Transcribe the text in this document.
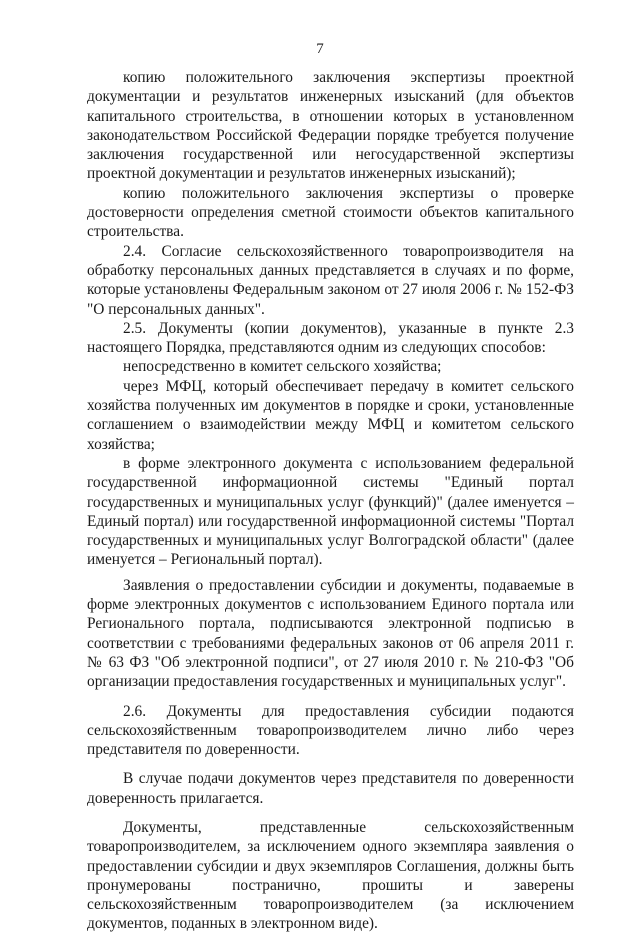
7

копию положительного заключения экспертизы проектной документации и результатов инженерных изысканий (для объектов капитального строительства, в отношении которых в установленном законодательством Российской Федерации порядке требуется получение заключения государственной или негосударственной экспертизы проектной документации и результатов инженерных изысканий);

копию положительного заключения экспертизы о проверке достоверности определения сметной стоимости объектов капитального строительства.

2.4. Согласие сельскохозяйственного товаропроизводителя на обработку персональных данных представляется в случаях и по форме, которые установлены Федеральным законом от 27 июля 2006 г. № 152-ФЗ "О персональных данных".

2.5. Документы (копии документов), указанные в пункте 2.3 настоящего Порядка, представляются одним из следующих способов:

непосредственно в комитет сельского хозяйства;

через МФЦ, который обеспечивает передачу в комитет сельского хозяйства полученных им документов в порядке и сроки, установленные соглашением о взаимодействии между МФЦ и комитетом сельского хозяйства;

в форме электронного документа с использованием федеральной государственной информационной системы "Единый портал государственных и муниципальных услуг (функций)" (далее именуется – Единый портал) или государственной информационной системы "Портал государственных и муниципальных услуг Волгоградской области" (далее именуется – Региональный портал).

Заявления о предоставлении субсидии и документы, подаваемые в форме электронных документов с использованием Единого портала или Регионального портала, подписываются электронной подписью в соответствии с требованиями федеральных законов от 06 апреля 2011 г. № 63 ФЗ "Об электронной подписи", от 27 июля 2010 г. № 210-ФЗ "Об организации предоставления государственных и муниципальных услуг".

2.6. Документы для предоставления субсидии подаются сельскохозяйственным товаропроизводителем лично либо через представителя по доверенности.

В случае подачи документов через представителя по доверенности доверенность прилагается.

Документы, представленные сельскохозяйственным товаропроизводителем, за исключением одного экземпляра заявления о предоставлении субсидии и двух экземпляров Соглашения, должны быть пронумерованы постранично, прошиты и заверены сельскохозяйственным товаропроизводителем (за исключением документов, поданных в электронном виде).
